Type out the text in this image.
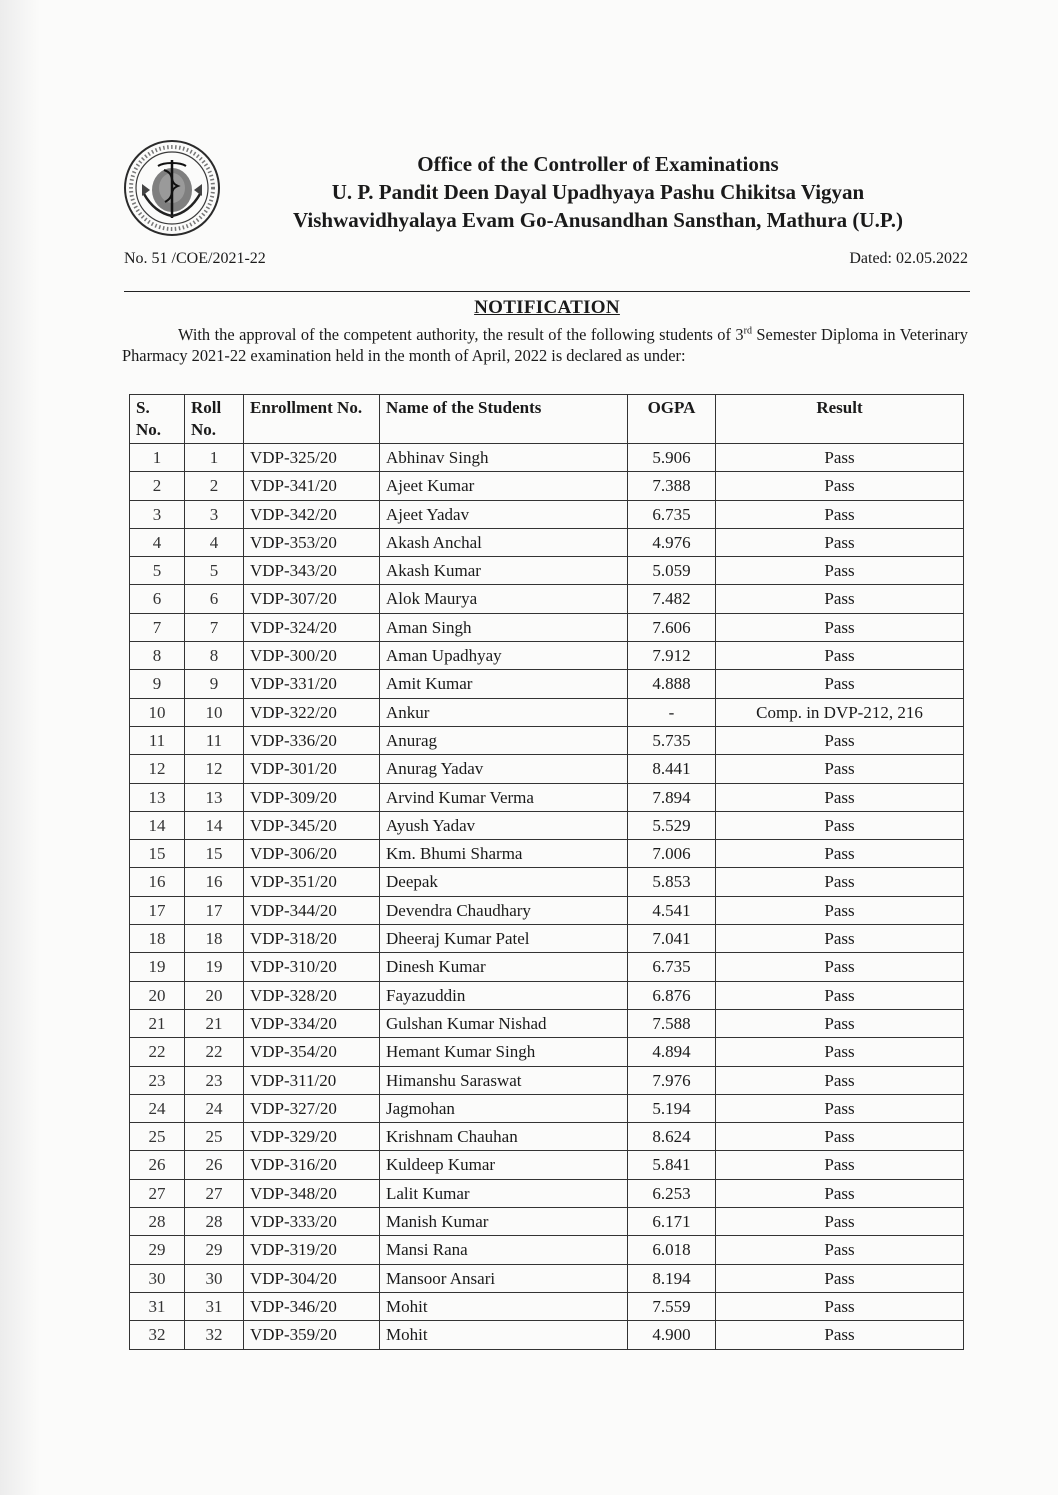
Office of the Controller of Examinations
U. P. Pandit Deen Dayal Upadhyaya Pashu Chikitsa Vigyan
Vishwavidhyalaya Evam Go-Anusandhan Sansthan, Mathura (U.P.)
No. 51 /COE/2021-22	Dated: 02.05.2022
NOTIFICATION

With the approval of the competent authority, the result of the following students of 3rd Semester Diploma in Veterinary Pharmacy 2021-22 examination held in the month of April, 2022 is declared as under:

S. No.	Roll No.	Enrollment No.	Name of the Students	OGPA	Result
1	1	VDP-325/20	Abhinav Singh	5.906	Pass
2	2	VDP-341/20	Ajeet Kumar	7.388	Pass
3	3	VDP-342/20	Ajeet Yadav	6.735	Pass
4	4	VDP-353/20	Akash Anchal	4.976	Pass
5	5	VDP-343/20	Akash Kumar	5.059	Pass
6	6	VDP-307/20	Alok Maurya	7.482	Pass
7	7	VDP-324/20	Aman Singh	7.606	Pass
8	8	VDP-300/20	Aman Upadhyay	7.912	Pass
9	9	VDP-331/20	Amit Kumar	4.888	Pass
10	10	VDP-322/20	Ankur	-	Comp. in DVP-212, 216
11	11	VDP-336/20	Anurag	5.735	Pass
12	12	VDP-301/20	Anurag Yadav	8.441	Pass
13	13	VDP-309/20	Arvind Kumar Verma	7.894	Pass
14	14	VDP-345/20	Ayush Yadav	5.529	Pass
15	15	VDP-306/20	Km. Bhumi Sharma	7.006	Pass
16	16	VDP-351/20	Deepak	5.853	Pass
17	17	VDP-344/20	Devendra Chaudhary	4.541	Pass
18	18	VDP-318/20	Dheeraj Kumar Patel	7.041	Pass
19	19	VDP-310/20	Dinesh Kumar	6.735	Pass
20	20	VDP-328/20	Fayazuddin	6.876	Pass
21	21	VDP-334/20	Gulshan Kumar Nishad	7.588	Pass
22	22	VDP-354/20	Hemant Kumar Singh	4.894	Pass
23	23	VDP-311/20	Himanshu Saraswat	7.976	Pass
24	24	VDP-327/20	Jagmohan	5.194	Pass
25	25	VDP-329/20	Krishnam Chauhan	8.624	Pass
26	26	VDP-316/20	Kuldeep Kumar	5.841	Pass
27	27	VDP-348/20	Lalit Kumar	6.253	Pass
28	28	VDP-333/20	Manish Kumar	6.171	Pass
29	29	VDP-319/20	Mansi Rana	6.018	Pass
30	30	VDP-304/20	Mansoor Ansari	8.194	Pass
31	31	VDP-346/20	Mohit	7.559	Pass
32	32	VDP-359/20	Mohit	4.900	Pass
